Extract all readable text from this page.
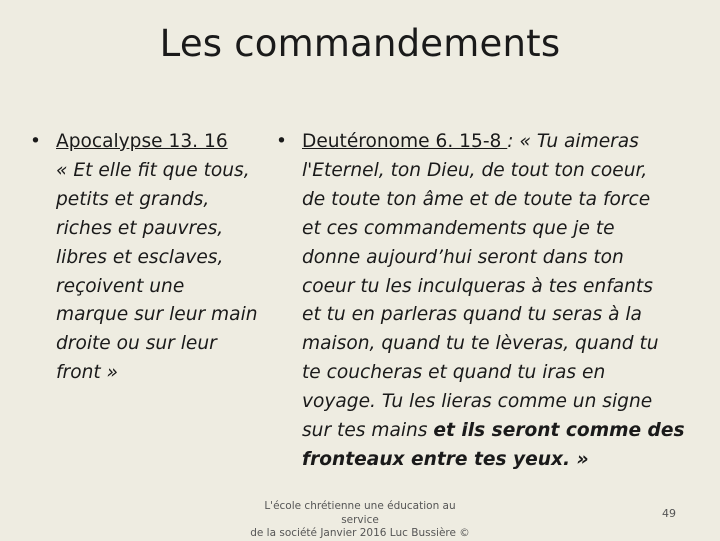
Les commandements
• Apocalypse 13. 16
« Et elle fit que tous,
petits et grands,
riches et pauvres,
libres et esclaves,
reçoivent une
marque sur leur main
droite ou sur leur
front »
• Deutéronome 6. 15-8 : « Tu aimeras
l'Eternel, ton Dieu, de tout ton coeur,
de toute ton âme et de toute ta force
et ces commandements que je te
donne aujourd’hui seront dans ton
coeur tu les inculqueras à tes enfants
et tu en parleras quand tu seras à la
maison, quand tu te lèveras, quand tu
te coucheras et quand tu iras en
voyage. Tu les lieras comme un signe
sur tes mains et ils seront comme des
fronteaux entre tes yeux. »
L'école chrétienne une éducation au service
de la société Janvier 2016 Luc Bussière ©
49
